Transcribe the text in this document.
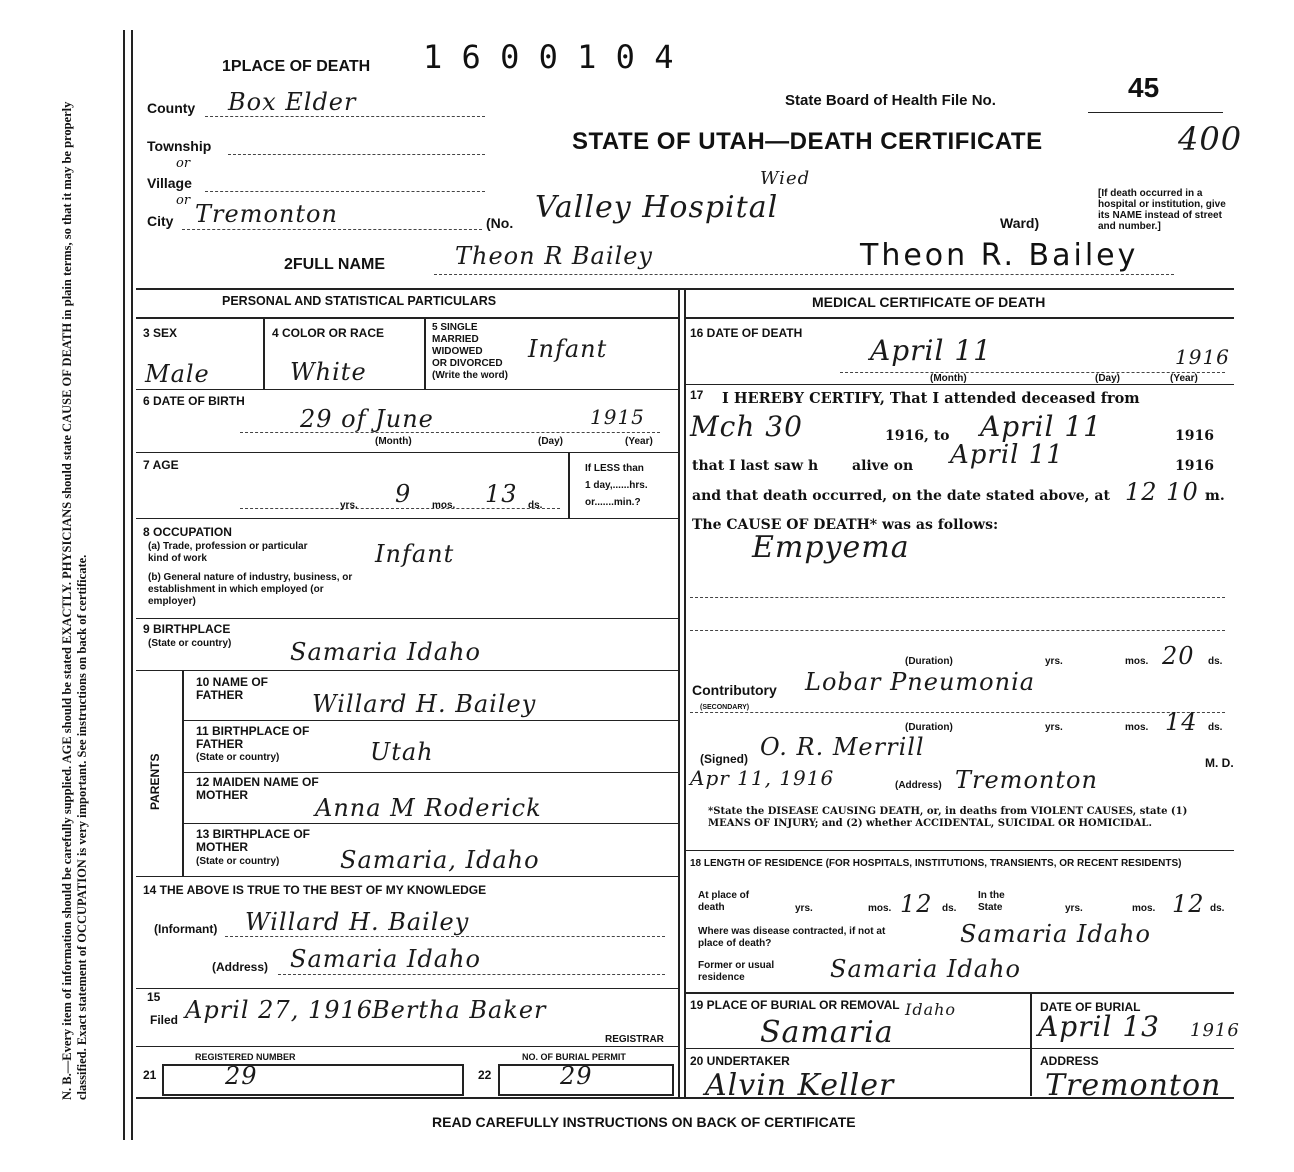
N. B.—Every item of information should be carefully supplied. AGE should be stated EXACTLY. PHYSICIANS should state CAUSE OF DEATH in plain terms, so that it may be properly classified. Exact statement of OCCUPATION is very important. See instructions on back of certificate.
1PLACE OF DEATH 1 6 0 0 1 0 4
State Board of Health File No.	45
STATE OF UTAH—DEATH CERTIFICATE	400
County Box Elder
Township
or
Village
or
City Tremonton	(No. Valley Hospital
Wied
Ward)
[If death occurred in a hospital or institution, give its NAME instead of street and number.]
2FULL NAME	Theon R Bailey	Theon R. Bailey
PERSONAL AND STATISTICAL PARTICULARS
3 SEX	4 COLOR OR RACE	5 SINGLE
MARRIED
WIDOWED
OR DIVORCED
(Write the word)
Male	White
Infant
6 DATE OF BIRTH
29 of June	1915
(Month)	(Day)	(Year)
7 AGE	If LESS than
1 day,......hrs.
or.......min.?
yrs. 9 mos. 13 ds.
8 OCCUPATION
(a) Trade, profession or particular kind of work
(b) General nature of industry, business, or establishment in which employed (or employer)
Infant
9 BIRTHPLACE
(State or country) Samaria Idaho
PARENTS
10 NAME OF FATHER	Willard H. Bailey
11 BIRTHPLACE OF FATHER
(State or country)	Utah
12 MAIDEN NAME OF MOTHER	Anna M Roderick
13 BIRTHPLACE OF MOTHER
(State or country)	Samaria, Idaho
14 THE ABOVE IS TRUE TO THE BEST OF MY KNOWLEDGE
(Informant) Willard H. Bailey
(Address) Samaria Idaho
15
Filed April 27, 1916
Bertha Baker
REGISTRAR
REGISTERED NUMBER
21	29
NO. OF BURIAL PERMIT
22	29
MEDICAL CERTIFICATE OF DEATH
16 DATE OF DEATH
April 11	1916
(Month)	(Day)	(Year)
17 I HEREBY CERTIFY, That I attended deceased from
Mch 30	1916, to April 11	1916
that I last saw h alive on April 11	1916
and that death occurred, on the date stated above, at 12 10 m.
The CAUSE OF DEATH* was as follows:
Empyema
(Duration)	yrs.	mos. 20 ds.
Contributory
(SECONDARY)
Lobar Pneumonia
(Duration)	yrs.	mos. 14 ds.
(Signed) O. R. Merrill
M. D.
Apr 11, 1916	(Address) Tremonton
*State the DISEASE CAUSING DEATH, or, in deaths from VIOLENT CAUSES, state (1) MEANS OF INJURY; and (2) whether ACCIDENTAL, SUICIDAL OR HOMICIDAL.
18 LENGTH OF RESIDENCE (FOR HOSPITALS, INSTITUTIONS, TRANSIENTS, OR RECENT RESIDENTS)
At place of death	yrs.	mos. 12 ds.
In the State	yrs.	mos. 12 ds.
Where was disease contracted, if not at place of death?	Samaria Idaho
Former or usual residence	Samaria Idaho
19 PLACE OF BURIAL OR REMOVAL
Samaria
Idaho	DATE OF BURIAL
April 13 1916
20 UNDERTAKER
Alvin Keller
ADDRESS
Tremonton
READ CAREFULLY INSTRUCTIONS ON BACK OF CERTIFICATE
